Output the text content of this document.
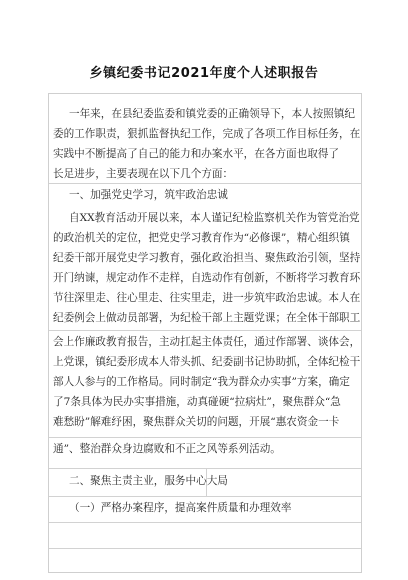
乡镇纪委书记2021年度个人述职报告
一年来，在县纪委监委和镇党委的正确领导下，本人按照镇纪
委的工作职责，狠抓监督执纪工作，完成了各项工作目标任务，在
实践中不断提高了自己的能力和办案水平，在各方面也取得了
长足进步，主要表现在以下几个方面：
一、加强党史学习，筑牢政治忠诚
自XX教育活动开展以来，本人谨记纪检监察机关作为管党治党
的政治机关的定位，把党史学习教育作为“必修课”，精心组织镇
纪委干部开展党史学习教育，强化政治担当、聚焦政治引领，坚持
开门纳谏，规定动作不走样，自选动作有创新，不断将学习教育环
节往深里走、往心里走、往实里走，进一步筑牢政治忠诚。本人在
纪委例会上做动员部署，为纪检干部上主题党课；在全体干部职工
会上作廉政教育报告，主动扛起主体责任，通过作部署、谈体会，
上党课，镇纪委形成本人带头抓、纪委副书记协助抓，全体纪检干
部人人参与的工作格局。同时制定“我为群众办实事”方案，确定
了7条具体为民办实事措施，动真碰硬“拉病灶”，聚焦群众“急
难愁盼”解难纾困，聚焦群众关切的问题，开展“惠农资金一卡
通”、整治群众身边腐败和不正之风等系列活动。
二、聚焦主责主业，服务中心大局
（一）严格办案程序，提高案件质量和办理效率
